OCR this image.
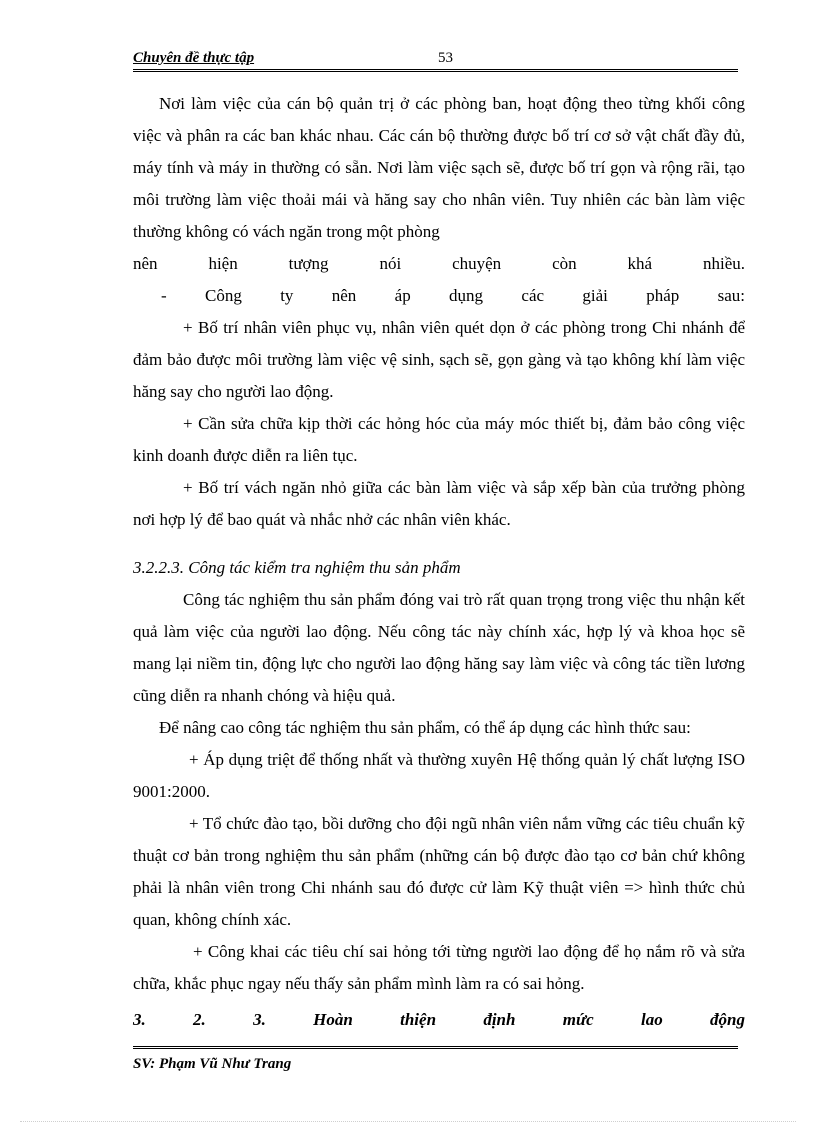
Chuyên đề thực tập	53

Nơi làm việc của cán bộ quản trị ở các phòng ban, hoạt động theo từng khối công việc và phân ra các ban khác nhau. Các cán bộ thường được bố trí cơ sở vật chất đầy đủ, máy tính và máy in thường có sẵn. Nơi làm việc sạch sẽ, được bố trí gọn và rộng rãi, tạo môi trường làm việc thoải mái và hăng say cho nhân viên. Tuy nhiên các bàn làm việc thường không có vách ngăn trong một phòng

nên hiện tượng nói chuyện còn khá nhiều.

- Công ty nên áp dụng các giải pháp sau:

+ Bố trí nhân viên phục vụ, nhân viên quét dọn ở các phòng trong Chi nhánh để đảm bảo được môi trường làm việc vệ sinh, sạch sẽ, gọn gàng và tạo không khí làm việc hăng say cho người lao động.

+ Cần sửa chữa kịp thời các hỏng hóc của máy móc thiết bị, đảm bảo công việc kinh doanh được diễn ra liên tục.

+ Bố trí vách ngăn nhỏ giữa các bàn làm việc và sắp xếp bàn của trưởng phòng nơi hợp lý để bao quát và nhắc nhở các nhân viên khác.

3.2.2.3. Công tác kiểm tra nghiệm thu sản phẩm

Công tác nghiệm thu sản phẩm đóng vai trò rất quan trọng trong việc thu nhận kết quả làm việc của người lao động. Nếu công tác này chính xác, hợp lý và khoa học sẽ mang lại niềm tin, động lực cho người lao động hăng say làm việc và công tác tiền lương cũng diễn ra nhanh chóng và hiệu quả.

Để nâng cao công tác nghiệm thu sản phẩm, có thể áp dụng các hình thức sau:

+ Áp dụng triệt để thống nhất và thường xuyên Hệ thống quản lý chất lượng ISO 9001:2000.

+ Tổ chức đào tạo, bồi dưỡng cho đội ngũ nhân viên nắm vững các tiêu chuẩn kỹ thuật cơ bản trong nghiệm thu sản phẩm (những cán bộ được đào tạo cơ bản chứ không phải là nhân viên trong Chi nhánh sau đó được cử làm Kỹ thuật viên => hình thức chủ quan, không chính xác.

+ Công khai các tiêu chí sai hỏng tới từng người lao động để họ nắm rõ và sửa chữa, khắc phục ngay nếu thấy sản phẩm mình làm ra có sai hỏng.

3. 2. 3. Hoàn thiện định mức lao động

SV: Phạm Vũ Như Trang
